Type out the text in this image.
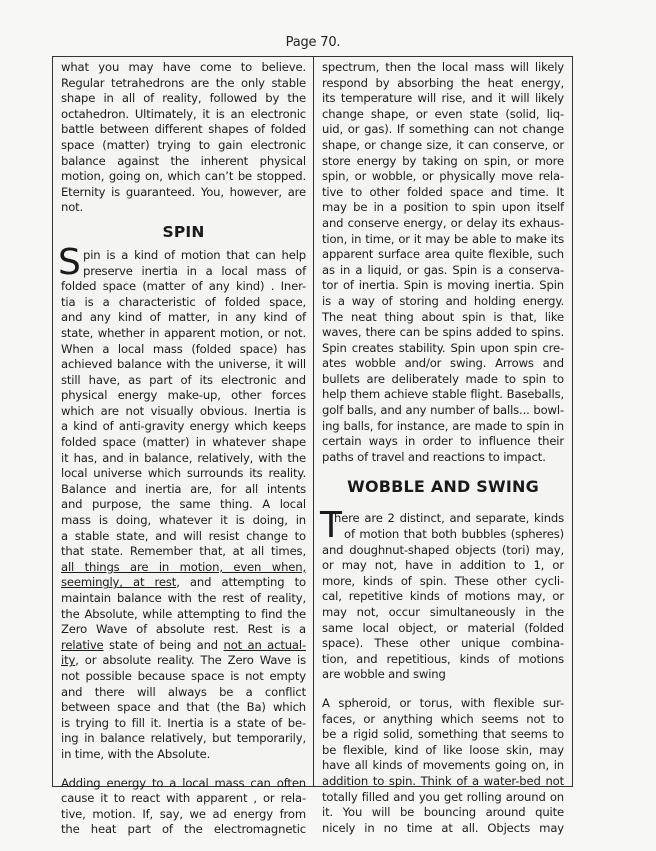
Page 70.
what you may have come to believe.
Regular tetrahedrons are the only stable
shape in all of reality, followed by the
octahedron. Ultimately, it is an electronic
battle between different shapes of folded
space (matter) trying to gain electronic
balance against the inherent physical
motion, going on, which can’t be stopped.
Eternity is guaranteed. You, however, are
not.
SPIN
S pin is a kind of motion that can help
preserve inertia in a local mass of
folded space (matter of any kind) . Iner-
tia is a characteristic of folded space,
and any kind of matter, in any kind of
state, whether in apparent motion, or not.
When a local mass (folded space) has
achieved balance with the universe, it will
still have, as part of its electronic and
physical energy make-up, other forces
which are not visually obvious. Inertia is
a kind of anti-gravity energy which keeps
folded space (matter) in whatever shape
it has, and in balance, relatively, with the
local universe which surrounds its reality.
Balance and inertia are, for all intents
and purpose, the same thing. A local
mass is doing, whatever it is doing, in
a stable state, and will resist change to
that state. Remember that, at all times,
all things are in motion, even when,
seemingly, at rest, and attempting to
maintain balance with the rest of reality,
the Absolute, while attempting to find the
Zero Wave of absolute rest. Rest is a
relative state of being and not an actual-
ity, or absolute reality. The Zero Wave is
not possible because space is not empty
and there will always be a conflict
between space and that (the Ba) which
is trying to fill it. Inertia is a state of be-
ing in balance relatively, but temporarily,
in time, with the Absolute.
Adding energy to a local mass can often
cause it to react with apparent , or rela-
tive, motion. If, say, we ad energy from
the heat part of the electromagnetic
spectrum, then the local mass will likely
respond by absorbing the heat energy,
its temperature will rise, and it will likely
change shape, or even state (solid, liq-
uid, or gas). If something can not change
shape, or change size, it can conserve, or
store energy by taking on spin, or more
spin, or wobble, or physically move rela-
tive to other folded space and time. It
may be in a position to spin upon itself
and conserve energy, or delay its exhaus-
tion, in time, or it may be able to make its
apparent surface area quite flexible, such
as in a liquid, or gas. Spin is a conserva-
tor of inertia. Spin is moving inertia. Spin
is a way of storing and holding energy.
The neat thing about spin is that, like
waves, there can be spins added to spins.
Spin creates stability. Spin upon spin cre-
ates wobble and/or swing. Arrows and
bullets are deliberately made to spin to
help them achieve stable flight. Baseballs,
golf balls, and any number of balls... bowl-
ing balls, for instance, are made to spin in
certain ways in order to influence their
paths of travel and reactions to impact.
WOBBLE AND SWING
T
here are 2 distinct, and separate, kinds
of motion that both bubbles (spheres)
and doughnut-shaped objects (tori) may,
or may not, have in addition to 1, or
more, kinds of spin. These other cycli-
cal, repetitive kinds of motions may, or
may not, occur simultaneously in the
same local object, or material (folded
space). These other unique combina-
tion, and repetitious, kinds of motions
are wobble and swing
A spheroid, or torus, with flexible sur-
faces, or anything which seems not to
be a rigid solid, something that seems to
be flexible, kind of like loose skin, may
have all kinds of movements going on, in
addition to spin. Think of a water-bed not
totally filled and you get rolling around on
it. You will be bouncing around quite
nicely in no time at all. Objects may
